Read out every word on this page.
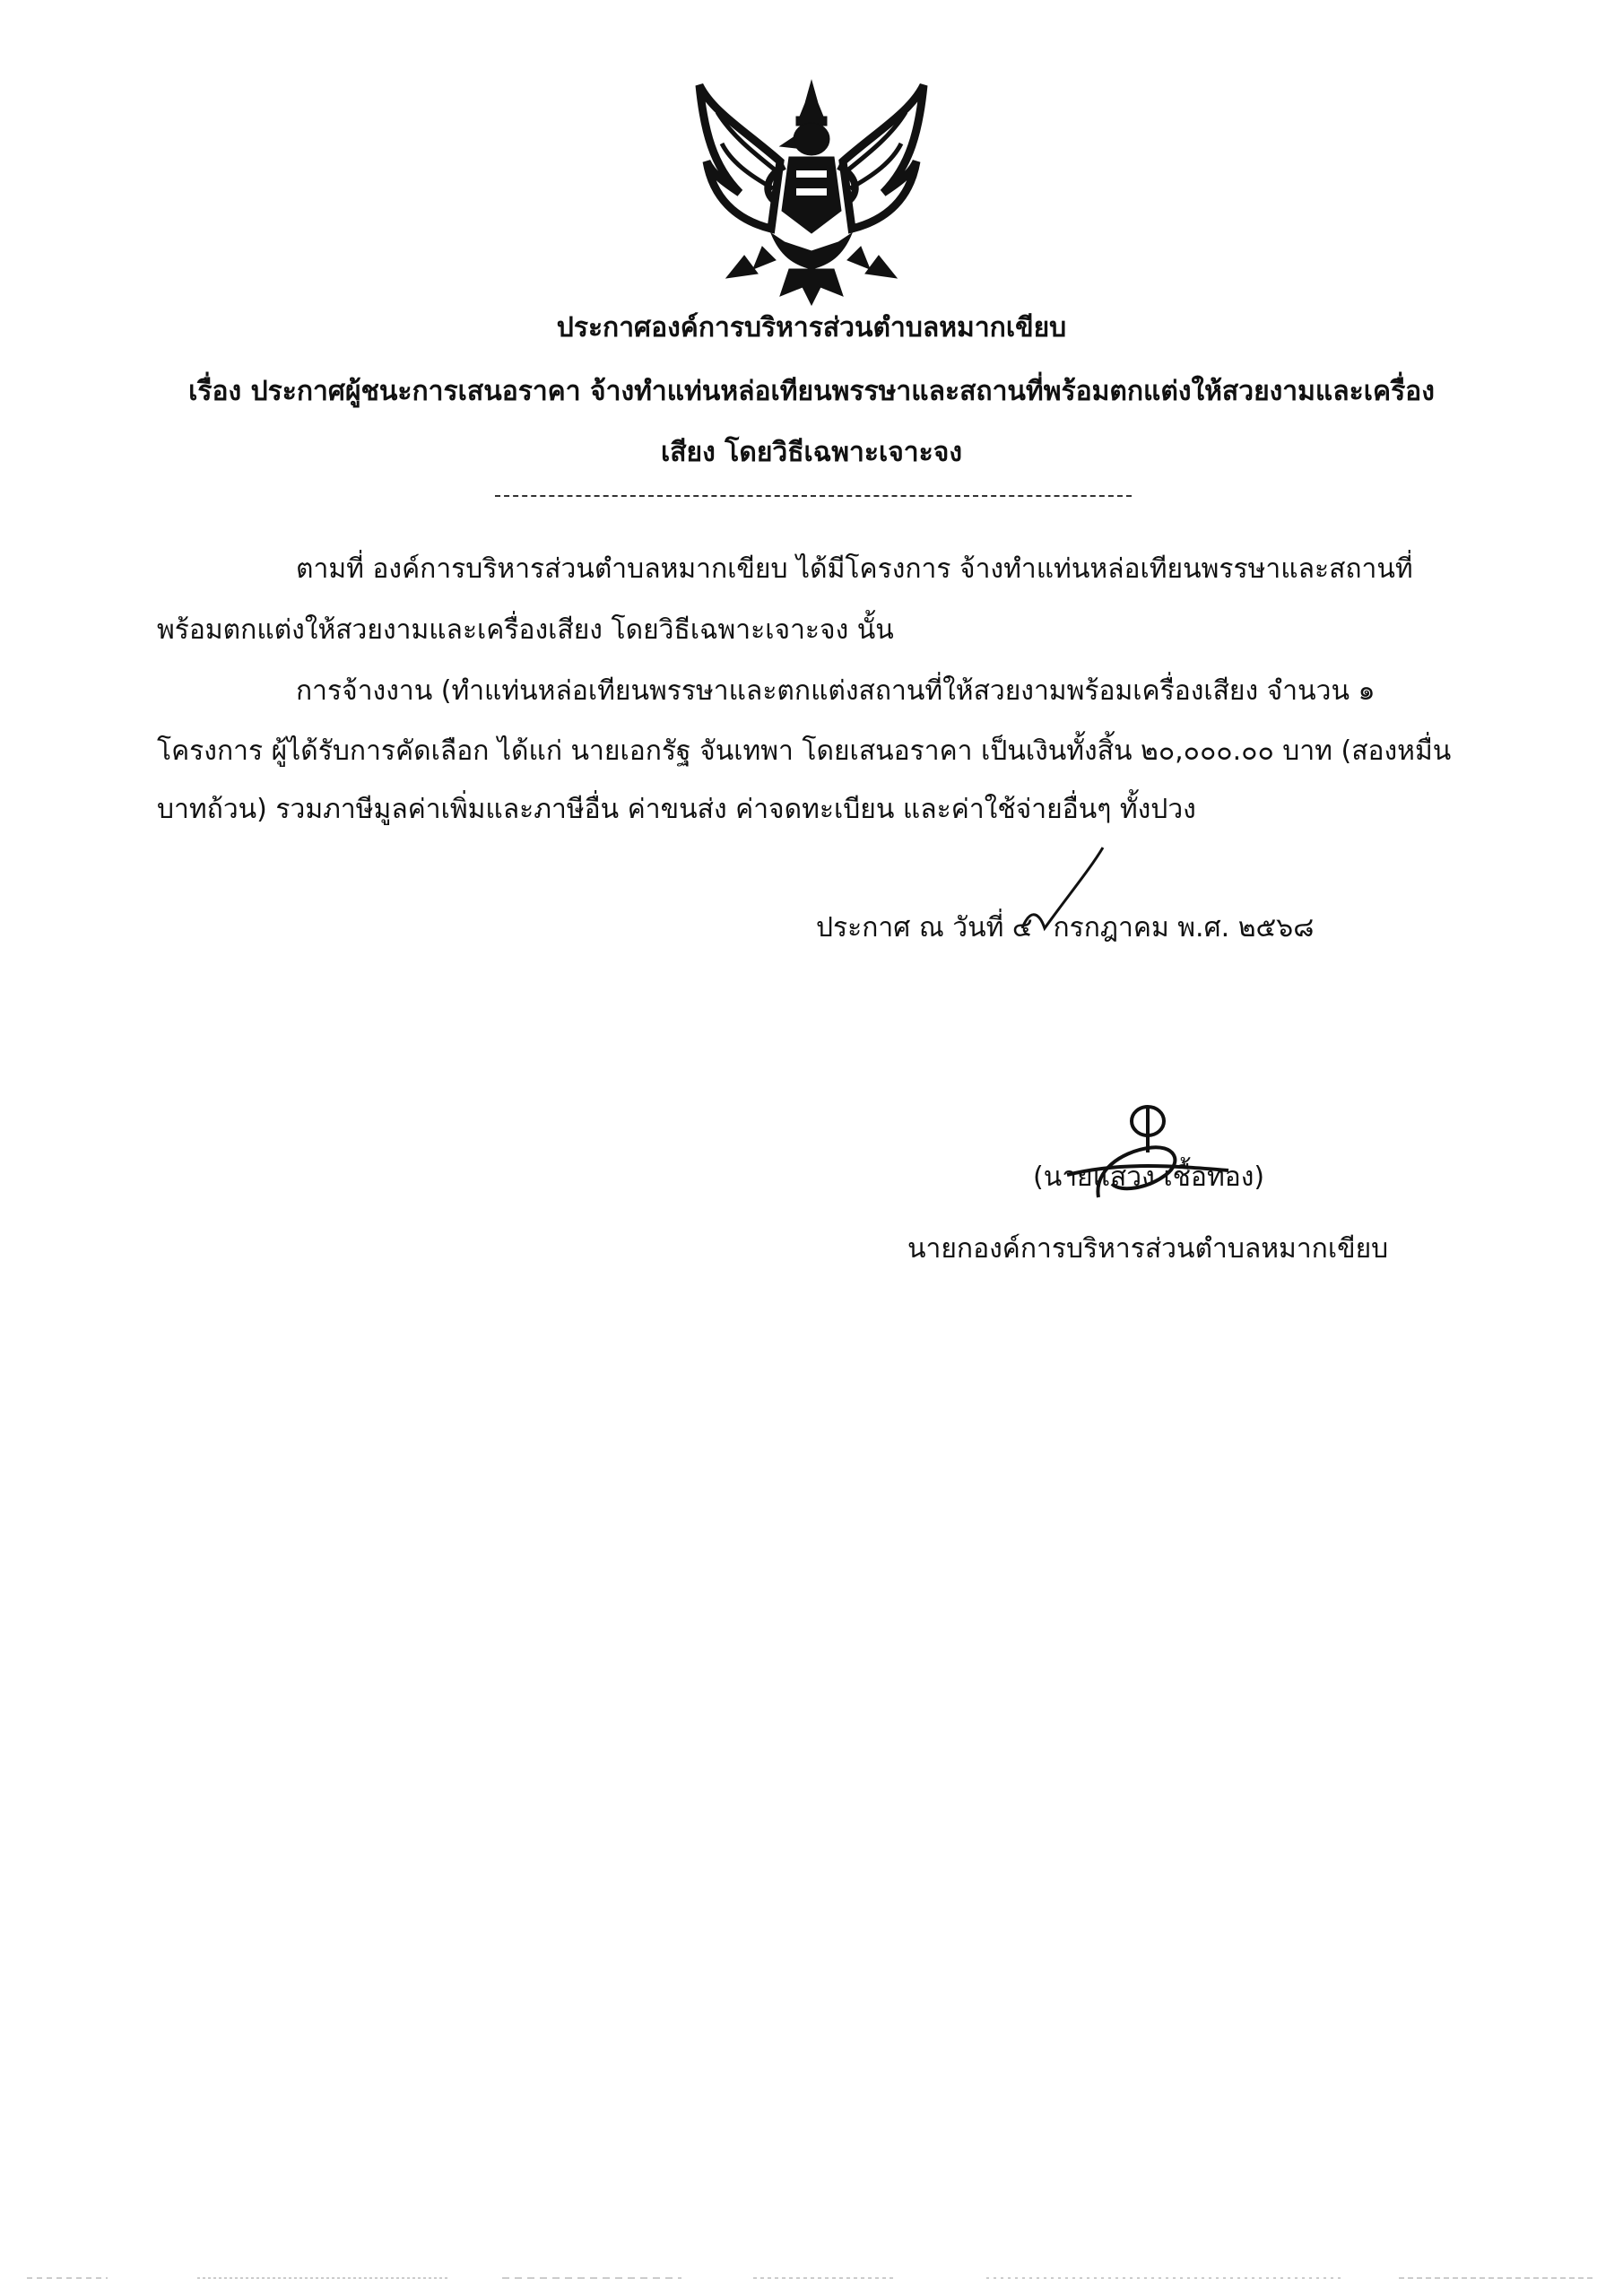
ประกาศองค์การบริหารส่วนตำบลหมากเขียบ
เรื่อง ประกาศผู้ชนะการเสนอราคา จ้างทำแท่นหล่อเทียนพรรษาและสถานที่พร้อมตกแต่งให้สวยงามและเครื่อง
เสียง โดยวิธีเฉพาะเจาะจง
ตามที่ องค์การบริหารส่วนตำบลหมากเขียบ ได้มีโครงการ จ้างทำแท่นหล่อเทียนพรรษาและสถานที่
พร้อมตกแต่งให้สวยงามและเครื่องเสียง โดยวิธีเฉพาะเจาะจง นั้น
การจ้างงาน (ทำแท่นหล่อเทียนพรรษาและตกแต่งสถานที่ให้สวยงามพร้อมเครื่องเสียง จำนวน ๑
โครงการ ผู้ได้รับการคัดเลือก ได้แก่ นายเอกรัฐ จันเทพา โดยเสนอราคา เป็นเงินทั้งสิ้น ๒๐,๐๐๐.๐๐ บาท (สองหมื่น
บาทถ้วน) รวมภาษีมูลค่าเพิ่มและภาษีอื่น ค่าขนส่ง ค่าจดทะเบียน และค่าใช้จ่ายอื่นๆ ทั้งปวง
ประกาศ ณ วันที่ ๔ กรกฎาคม พ.ศ. ๒๕๖๘
(นายแสวง เชื้อทอง)
นายกองค์การบริหารส่วนตำบลหมากเขียบ
